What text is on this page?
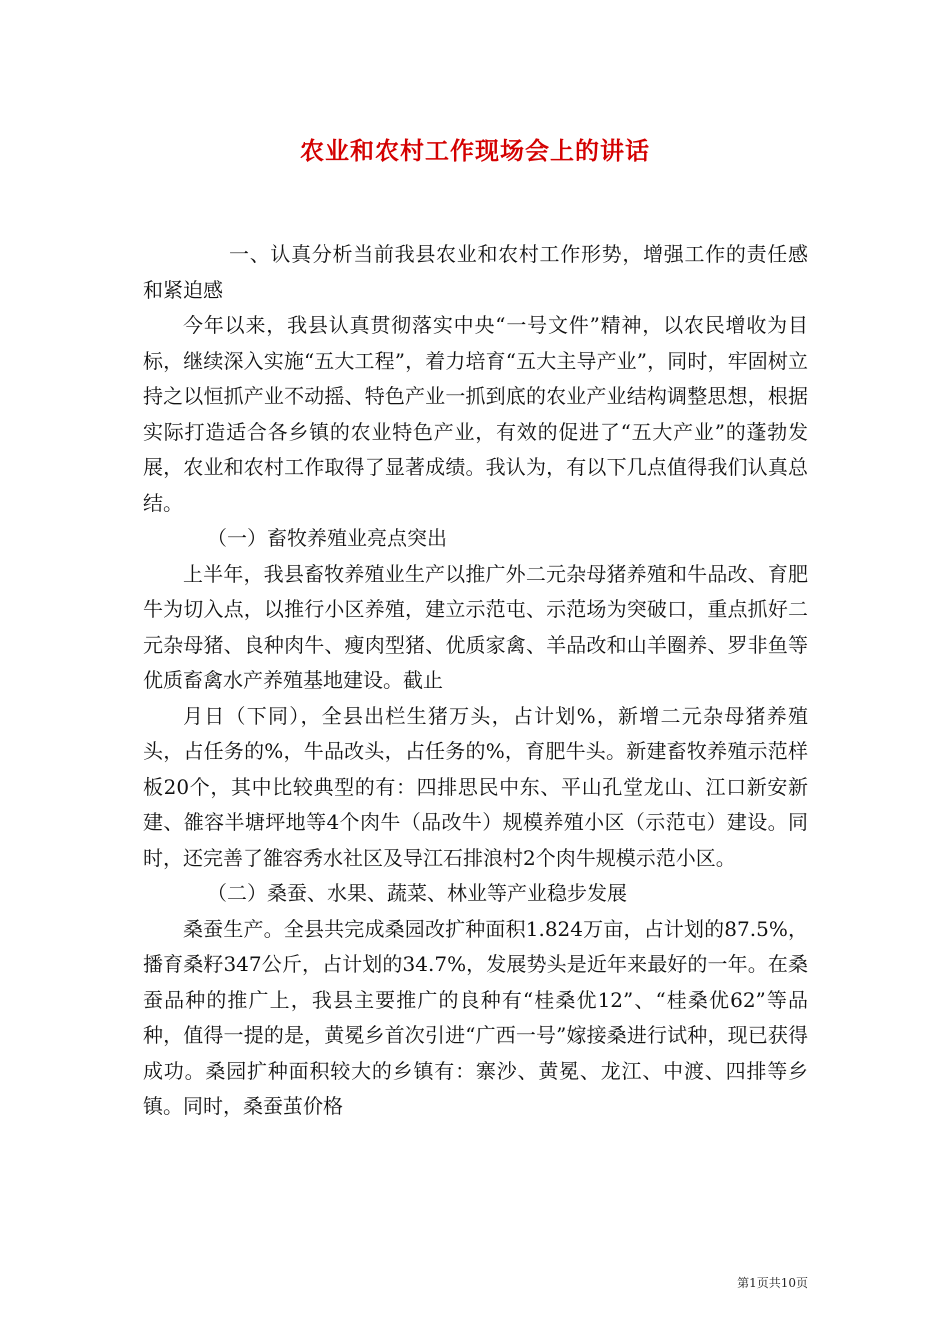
农业和农村工作现场会上的讲话

一、认真分析当前我县农业和农村工作形势，增强工作的责任感和紧迫感

今年以来，我县认真贯彻落实中央“一号文件”精神，以农民增收为目标，继续深入实施“五大工程”，着力培育“五大主导产业”，同时，牢固树立持之以恒抓产业不动摇、特色产业一抓到底的农业产业结构调整思想，根据实际打造适合各乡镇的农业特色产业，有效的促进了“五大产业”的蓬勃发展，农业和农村工作取得了显著成绩。我认为，有以下几点值得我们认真总结。

（一）畜牧养殖业亮点突出

上半年，我县畜牧养殖业生产以推广外二元杂母猪养殖和牛品改、育肥牛为切入点，以推行小区养殖，建立示范屯、示范场为突破口，重点抓好二元杂母猪、良种肉牛、瘦肉型猪、优质家禽、羊品改和山羊圈养、罗非鱼等优质畜禽水产养殖基地建设。截止

月日（下同），全县出栏生猪万头，占计划%，新增二元杂母猪养殖头，占任务的%，牛品改头，占任务的%，育肥牛头。新建畜牧养殖示范样板20个，其中比较典型的有：四排思民中东、平山孔堂龙山、江口新安新建、雒容半塘坪地等4个肉牛（品改牛）规模养殖小区（示范屯）建设。同时，还完善了雒容秀水社区及导江石排浪村2个肉牛规模示范小区。

（二）桑蚕、水果、蔬菜、林业等产业稳步发展

桑蚕生产。全县共完成桑园改扩种面积1.824万亩，占计划的87.5%，播育桑籽347公斤，占计划的34.7%，发展势头是近年来最好的一年。在桑蚕品种的推广上，我县主要推广的良种有“桂桑优12”、“桂桑优62”等品种，值得一提的是，黄冕乡首次引进“广西一号”嫁接桑进行试种，现已获得成功。桑园扩种面积较大的乡镇有：寨沙、黄冕、龙江、中渡、四排等乡镇。同时，桑蚕茧价格

第1页共10页
